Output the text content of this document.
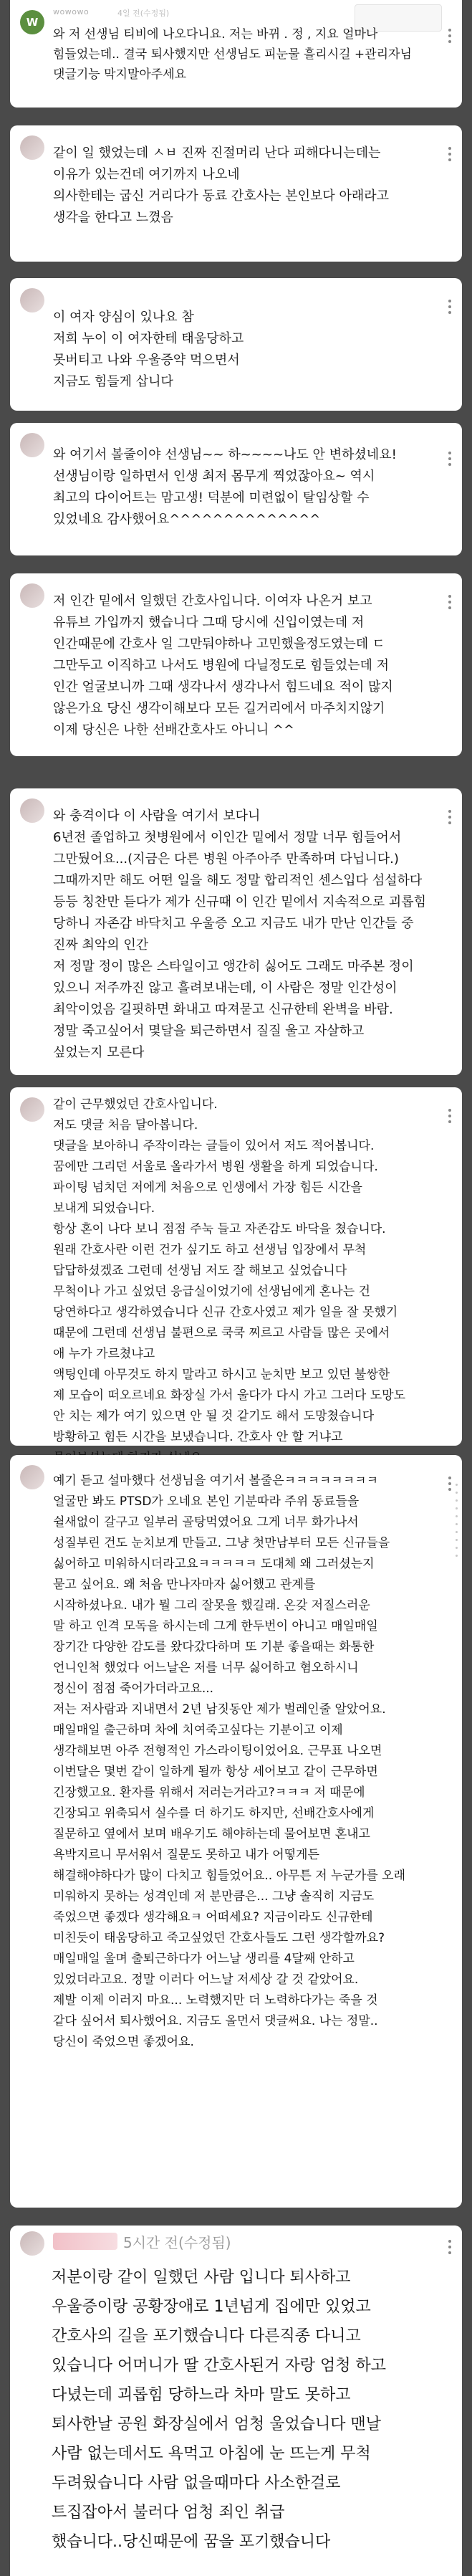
W
wowowo	4일 전(수정됨)
와 저 선생님 티비에 나오다니요. 저는 바뀌 . 정 , 지요 얼마나 힘들었는데.. 결국 퇴사했지만 선생님도 피눈물 흘리시길 +관리자님 댓글기능 막지말아주세요
같이 일 했었는데 ㅅㅂ 진짜 진절머리 난다 피해다니는데는
이유가 있는건데 여기까지 나오네
의사한테는 굽신 거리다가 동료 간호사는 본인보다 아래라고
생각을 한다고 느꼈음
이 여자 양심이 있나요 참
저희 누이 이 여자한테 태움당하고
못버티고 나와 우울증약 먹으면서
지금도 힘들게 삽니다
와 여기서 볼줄이야 선생님~~ 하~~~~나도 안 변하셨네요!
선생님이랑 일하면서 인생 최저 몸무게 찍었잖아요~ 역시
최고의 다이어트는 맘고생! 덕분에 미련없이 탈임상할 수
있었네요 감사했어요^^^^^^^^^^^^^^
저 인간 밑에서 일했던 간호사입니다. 이여자 나온거 보고
유튜브 가입까지 했습니다 그때 당시에 신입이였는데 저
인간때문에 간호사 일 그만둬야하나 고민했을정도였는데 ㄷ
그만두고 이직하고 나서도 병원에 다닐정도로 힘들었는데 저
인간 얼굴보니까 그때 생각나서 생각나서 힘드네요 적이 많지
않은가요 당신 생각이해보다 모든 길거리에서 마주치지않기
이제 당신은 나한 선배간호사도 아니니 ^^
와 충격이다 이 사람을 여기서 보다니
6년전 졸업하고 첫병원에서 이인간 밑에서 정말 너무 힘들어서
그만뒀어요...(지금은 다른 병원 아주아주 만족하며 다닙니다.)
그때까지만 해도 어떤 일을 해도 정말 합리적인 센스입다 섬설하다
등등 칭찬만 듣다가 제가 신규때 이 인간 밑에서 지속적으로 괴롭힘
당하니 자존감 바닥치고 우울증 오고 지금도 내가 만난 인간들 중
진짜 최악의 인간
저 정말 정이 많은 스타일이고 앵간히 싫어도 그래도 마주본 정이
있으니 저주까진 않고 흘려보내는데, 이 사람은 정말 인간성이
최악이었음 길핏하면 화내고 따져묻고 신규한테 완벽을 바람.
정말 죽고싶어서 몇달을 퇴근하면서 질질 울고 자살하고
싶었는지 모른다
같이 근무했었던 간호사입니다.
저도 댓글 처음 달아봅니다.
댓글을 보아하니 주작이라는 글들이 있어서 저도 적어봅니다.
꿈에만 그리던 서울로 올라가서 병원 생활을 하게 되었습니다.
파이팅 넘치던 저에게 처음으로 인생에서 가장 힘든 시간을
보내게 되었습니다.
항상 혼이 나다 보니 점점 주눅 들고 자존감도 바닥을 쳤습니다.
원래 간호사란 이런 건가 싶기도 하고 선생님 입장에서 무척
답답하셨겠죠 그런데 선생님 저도 잘 해보고 싶었습니다
무척이나 가고 싶었던 응급실이었기에 선생님에게 혼나는 건
당연하다고 생각하였습니다 신규 간호사였고 제가 일을 잘 못했기
때문에 그런데 선생님 불편으로 쿡쿡 찌르고 사람들 많은 곳에서
애 누가 가르쳤냐고
액팅인데 아무것도 하지 말라고 하시고 눈치만 보고 있던 불쌍한
제 모습이 떠오르네요 화장실 가서 울다가 다시 가고 그러다 도망도
안 치는 제가 여기 있으면 안 될 것 같기도 해서 도망쳤습니다
방황하고 힘든 시간을 보냈습니다. 간호사 안 할 거냐고

예기 듣고 설마했다 선생님을 여기서 볼줄은ㅋㅋㅋㅋㅋㅋㅋㅋ
얼굴만 봐도 PTSD가 오네요 본인 기분따라 주위 동료들을
쉴새없이 갈구고 일부러 골탕먹였어요 그게 너무 화가나서
성질부린 건도 눈치보게 만들고. 그냥 첫만남부터 모든 신규들을
싫어하고 미워하시더라고요ㅋㅋㅋㅋㅋ 도대체 왜 그러셨는지
묻고 싶어요. 왜 처음 만나자마자 싫어했고 관계를
시작하셨나요. 내가 뭘 그리 잘못을 했길래. 온갖 저질스러운
말 하고 인격 모독을 하시는데 그게 한두번이 아니고 매일매일
장기간 다양한 감도를 왔다갔다하며 또 기분 좋을때는 화통한
언니인척 했었다 어느날은 저를 너무 싫어하고 혐오하시니
정신이 점점 죽어가더라고요...
저는 저사람과 지내면서 2년 남짓동안 제가 벌레인줄 알았어요.
매일매일 출근하며 차에 치여죽고싶다는 기분이고 이제
생각해보면 아주 전형적인 가스라이팅이었어요. 근무표 나오면
이번달은 몇번 같이 일하게 될까 항상 세어보고 같이 근무하면
긴장했고요. 환자를 위해서 저러는거라고?ㅋㅋㅋ 저 때문에
긴장되고 위축되서 실수를 더 하기도 하지만, 선배간호사에게
질문하고 옆에서 보며 배우기도 해야하는데 물어보면 혼내고
욕박지르니 무서워서 질문도 못하고 내가 어떻게든
해결해야하다가 많이 다치고 힘들었어요.. 아무튼 저 누군가를 오래
미워하지 못하는 성격인데 저 분만큼은... 그냥 솔직히 지금도
죽었으면 좋겠다 생각해요ㅋ 어떠세요? 지금이라도 신규한테
미친듯이 태움당하고 죽고싶었던 간호사들도 그런 생각할까요?
매일매일 울며 출퇴근하다가 어느날 생리를 4달째 안하고
있었더라고요. 정말 이러다 어느날 저세상 갈 것 같았어요.
제발 이제 이러지 마요... 노력했지만 더 노력하다가는 죽을 것
같다 싶어서 퇴사했어요. 지금도 올먼서 댓글써요. 나는 정말..
당신이 죽었으면 좋겠어요.
5시간 전(수정됨)
저분이랑 같이 일했던 사람 입니다 퇴사하고
우울증이랑 공황장애로 1년넘게 집에만 있었고
간호사의 길을 포기했습니다 다른직종 다니고
있습니다 어머니가 딸 간호사된거 자랑 엄청 하고
다녔는데 괴롭힘 당하느라 차마 말도 못하고
퇴사한날 공원 화장실에서 엄청 울었습니다 맨날
사람 없는데서도 욕먹고 아침에 눈 뜨는게 무척
두려웠습니다 사람 없을때마다 사소한걸로
트집잡아서 불러다 엄청 죄인 취급
했습니다..당신때문에 꿈을 포기했습니다
